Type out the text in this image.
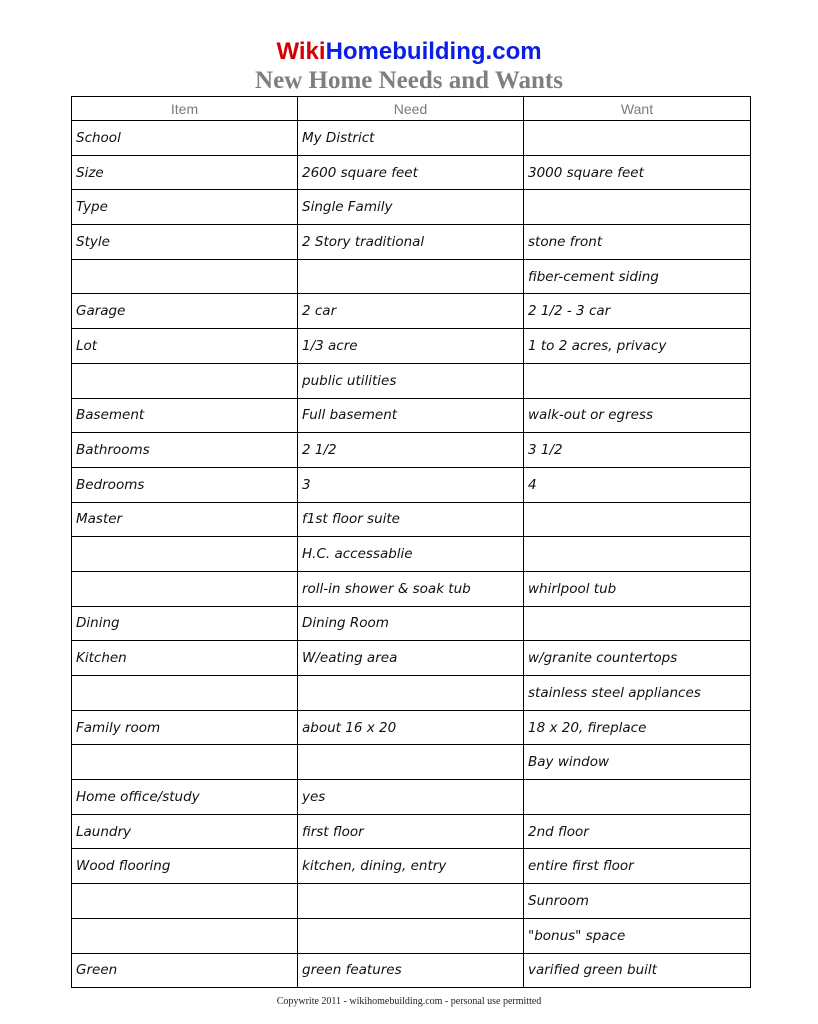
WikiHomebuilding.com
New Home Needs and Wants
Item	Need	Want
School	My District	
Size	2600 square feet	3000 square feet
Type	Single Family	
Style	2 Story traditional	stone front
		fiber-cement siding
Garage	2 car	2 1/2 - 3 car
Lot	1/3 acre	1 to 2 acres, privacy
	public utilities	
Basement	Full basement	walk-out or egress
Bathrooms	2 1/2	3 1/2
Bedrooms	3	4
Master	f1st floor suite	
	H.C. accessablie	
	roll-in shower & soak tub	whirlpool tub
Dining	Dining Room	
Kitchen	W/eating area	w/granite countertops
		stainless steel appliances
Family room	about 16 x 20	18 x 20, fireplace
		Bay window
Home office/study	yes	
Laundry	first floor	2nd floor
Wood flooring	kitchen, dining, entry	entire first floor
		Sunroom
		"bonus" space
Green	green features	varified green built
Copywrite 2011 - wikihomebuilding.com - personal use permitted
